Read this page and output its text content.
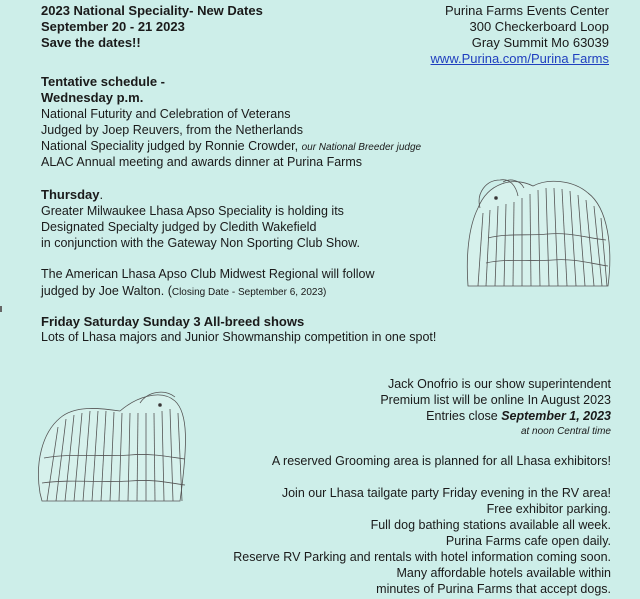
2023 National Speciality- New Dates
September 20 - 21 2023
Save the dates!!
Purina Farms Events Center
300 Checkerboard Loop
Gray Summit Mo 63039
www.Purina.com/Purina Farms
Tentative schedule -
Wednesday p.m.
National Futurity and Celebration of Veterans
Judged by Joep Reuvers, from the Netherlands
National Speciality judged by Ronnie Crowder, our National Breeder judge
ALAC Annual meeting and awards dinner at Purina Farms
Thursday.
Greater Milwaukee Lhasa Apso Speciality is holding its
Designated Specialty judged by Cledith Wakefield
in conjunction with the Gateway Non Sporting Club Show.
The American Lhasa Apso Club Midwest Regional will follow
judged by Joe Walton. (Closing Date - September 6, 2023)
Friday Saturday Sunday 3 All-breed shows
Lots of Lhasa majors and Junior Showmanship competition in one spot!
Jack Onofrio is our show superintendent
Premium list will be online In August 2023
Entries close September 1, 2023
at noon Central time
A reserved Grooming area is planned for all Lhasa exhibitors!
Join our Lhasa tailgate party Friday evening in the RV area!
Free exhibitor parking.
Full dog bathing stations available all week.
Purina Farms cafe open daily.
Reserve RV Parking and rentals with hotel information coming soon.
Many affordable hotels available within
minutes of Purina Farms that accept dogs.
